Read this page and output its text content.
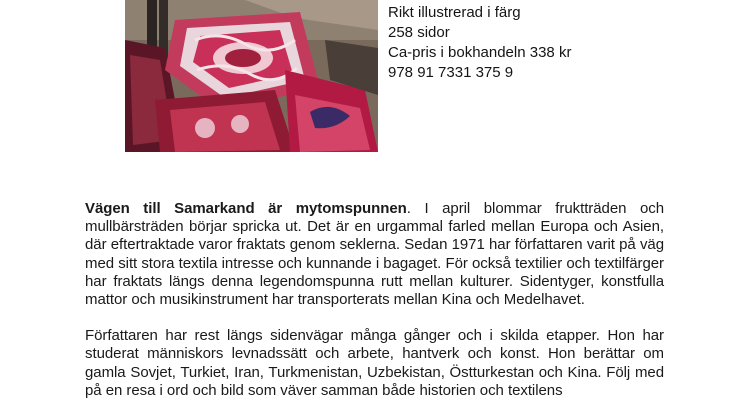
Rikt illustrerad i färg
258 sidor
Ca-pris i bokhandeln 338 kr
978 91 7331 375 9

Vägen till Samarkand är mytomspunnen. I april blommar fruktträden och mullbärsträden börjar spricka ut. Det är en urgammal farled mellan Europa och Asien, där eftertraktade varor fraktats genom seklerna. Sedan 1971 har författaren varit på väg med sitt stora textila intresse och kunnande i bagaget. För också textilier och textilfärger har fraktats längs denna legendomspunna rutt mellan kulturer. Sidentyger, konstfulla mattor och musikinstrument har transporterats mellan Kina och Medelhavet.

Författaren har rest längs sidenvägar många gånger och i skilda etapper. Hon har studerat människors levnadssätt och arbete, hantverk och konst. Hon berättar om gamla Sovjet, Turkiet, Iran, Turkmenistan, Uzbekistan, Östturkestan och Kina. Följ med på en resa i ord och bild som väver samman både historien och textilens
